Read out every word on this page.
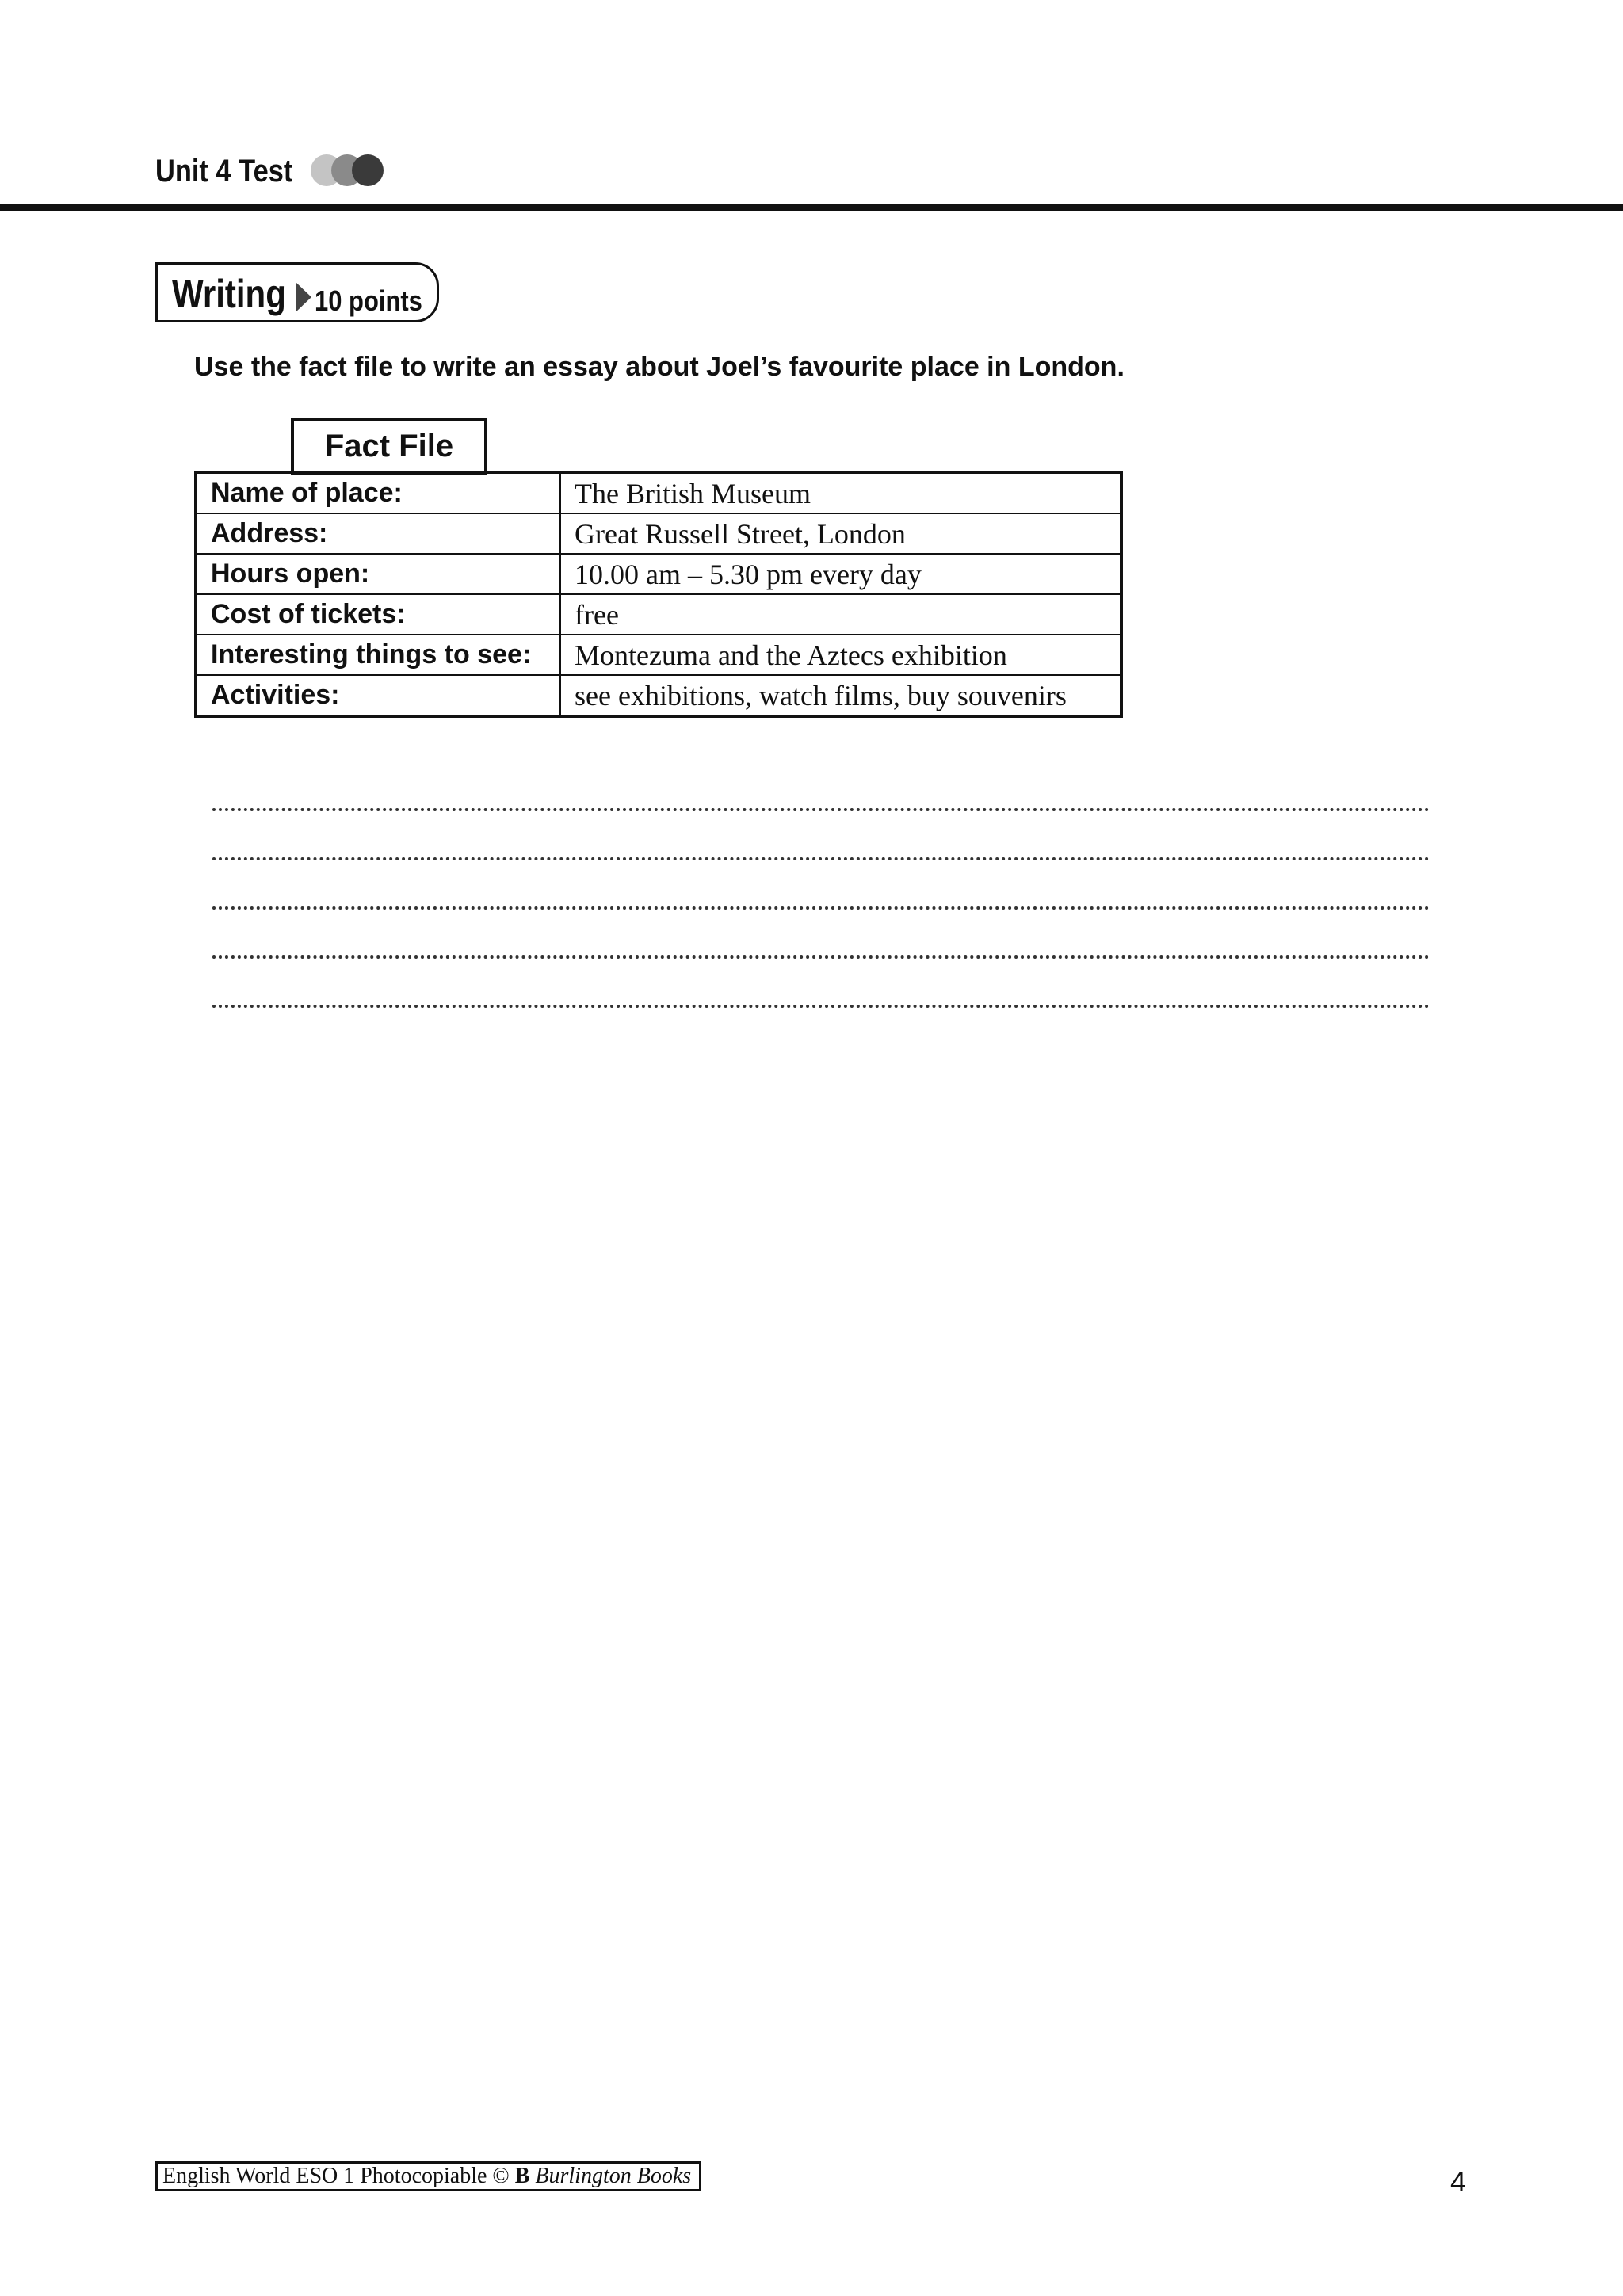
Unit 4 Test
Writing 10 points
Use the fact file to write an essay about Joel’s favourite place in London.
Fact File
Name of place:	The British Museum
Address:	Great Russell Street, London
Hours open:	10.00 am – 5.30 pm every day
Cost of tickets:	free
Interesting things to see:	Montezuma and the Aztecs exhibition
Activities:	see exhibitions, watch films, buy souvenirs
English World ESO 1 Photocopiable © B Burlington Books	4
